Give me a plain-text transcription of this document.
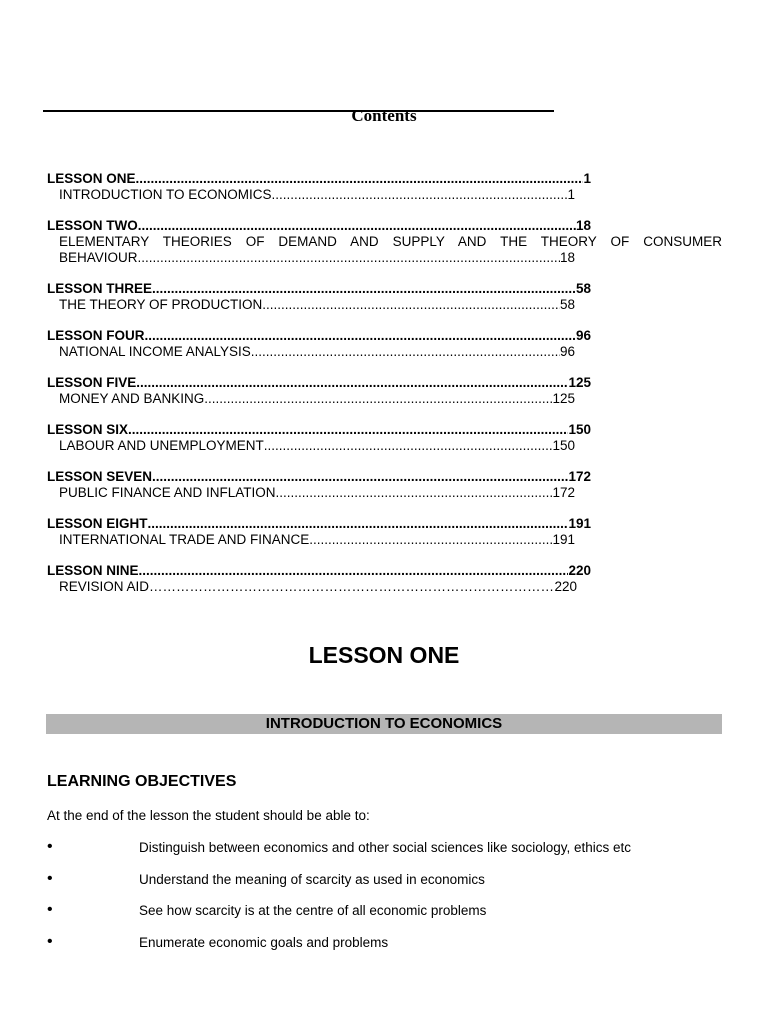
Contents
LESSON ONE .....	1
INTRODUCTION TO ECONOMICS .....	1
LESSON TWO .....	18
ELEMENTARY THEORIES OF DEMAND AND SUPPLY AND THE THEORY OF CONSUMER
BEHAVIOUR .....	18
LESSON THREE .....	58
THE THEORY OF PRODUCTION .....	58
LESSON FOUR .....	96
NATIONAL INCOME ANALYSIS .....	96
LESSON FIVE .....	125
MONEY AND BANKING .....	125
LESSON SIX .....	150
LABOUR AND UNEMPLOYMENT .....	150
LESSON SEVEN .....	172
PUBLIC FINANCE AND INFLATION .....	172
LESSON EIGHT .....	191
INTERNATIONAL TRADE AND FINANCE .....	191
LESSON NINE .....	220
REVISION AID ……………………………………………………………………………………………………………………………………	220
LESSON ONE
INTRODUCTION TO ECONOMICS
LEARNING OBJECTIVES
At the end of the lesson the student should be able to:
•	Distinguish between economics and other social sciences like sociology, ethics etc
•	Understand the meaning of scarcity as used in economics
•	See how scarcity is at the centre of all economic problems
•	Enumerate economic goals and problems
